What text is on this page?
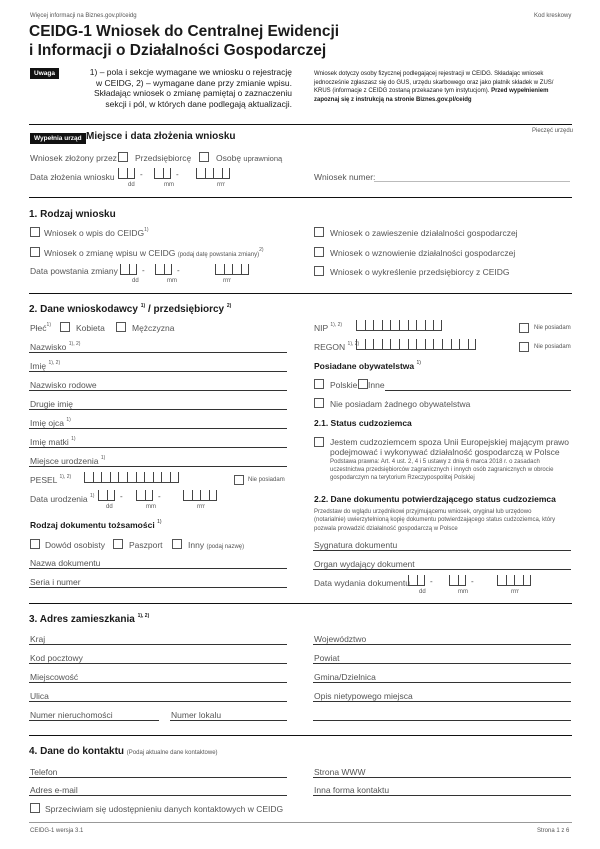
Więcej informacji na Biznes.gov.pl/ceidg	Kod kreskowy
CEIDG-1 Wniosek do Centralnej Ewidencji
i Informacji o Działalności Gospodarczej
Uwaga	1) – pola i sekcje wymagane we wniosku o rejestrację
w CEIDG, 2) – wymagane dane przy zmianie wpisu.
Składając wniosek o zmianę pamiętaj o zaznaczeniu
sekcji i pól, w których dane podlegają aktualizacji.
Wniosek dotyczy osoby fizycznej podlegającej rejestracji w CEIDG. Składając wniosek
jednocześnie zgłaszasz się do GUS, urzędu skarbowego oraz jako płatnik składek w ZUS/
KRUS (informacje z CEIDG zostaną przekazane tym instytucjom). Przed wypełnieniem
zapoznaj się z instrukcją na stronie Biznes.gov.pl/ceidg
Wypełnia urząd Miejsce i data złożenia wniosku	Pieczęć urzędu
Wniosek złożony przez Przedsiębiorcę	Osobę uprawnioną
Data złożenia wniosku	-	-
dd	mm	rrrr
Wniosek numer:
1. Rodzaj wniosku
Wniosek o wpis do CEIDG$^{1)}$
Wniosek o zmianę wpisu w CEIDG (podaj datę powstania zmiany)$^{2)}$
Data powstania zmiany	-	-
dd	mm	rrrr
Wniosek o zawieszenie działalności gospodarczej
Wniosek o wznowienie działalności gospodarczej
Wniosek o wykreślenie przedsiębiorcy z CEIDG
2. Dane wnioskodawcy $^{1)}$ / przedsiębiorcy $^{2)}$
Płeć$^{1)}$	Kobieta	Mężczyzna
Nazwisko $^{1), 2)}$
Imię $^{1), 2)}$
Nazwisko rodowe
Drugie imię
Imię ojca $^{1)}$
Imię matki $^{1)}$
Miejsce urodzenia $^{1)}$
PESEL $^{1), 2)}$	Nie posiadam
Data urodzenia $^{1)}$	-	-
dd	mm	rrrr
Rodzaj dokumentu tożsamości $^{1)}$
Dowód osobisty	Paszport	Inny (podaj nazwę)
Nazwa dokumentu
Seria i numer
NIP $^{1), 2)}$	Nie posiadam
REGON $^{1), 2)}$	Nie posiadam
Posiadane obywatelstwa $^{1)}$
Polskie Inne
Nie posiadam żadnego obywatelstwa
2.1. Status cudzoziemca
Jestem cudzoziemcem spoza Unii Europejskiej mającym prawo
podejmować i wykonywać działalność gospodarczą w Polsce
Podstawa prawna: Art. 4 ust. 2, 4 i 5 ustawy z dnia 6 marca 2018 r. o zasadach
uczestnictwa przedsiębiorców zagranicznych i innych osób zagranicznych w obrocie
gospodarczym na terytorium Rzeczypospolitej Polskiej
2.2. Dane dokumentu potwierdzającego status cudzoziemca
Przedstaw do wglądu urzędnikowi przyjmującemu wniosek, oryginał lub urzędowo
(notarialnie) uwierzytelnioną kopię dokumentu potwierdzającego status cudzoziemca, który
pozwala prowadzić działalność gospodarczą w Polsce
Sygnatura dokumentu
Organ wydający dokument
Data wydania dokumentu	-	-
dd	mm	rrrr
3. Adres zamieszkania $^{1), 2)}$
Kraj
Kod pocztowy
Miejscowość
Ulica
Numer nieruchomości	Numer lokalu
Województwo
Powiat
Gmina/Dzielnica
Opis nietypowego miejsca
4. Dane do kontaktu (Podaj aktualne dane kontaktowe)
Telefon
Adres e-mail
Strona WWW
Inna forma kontaktu
Sprzeciwiam się udostępnieniu danych kontaktowych w CEIDG
CEIDG-1 wersja 3.1	Strona 1 z 6
